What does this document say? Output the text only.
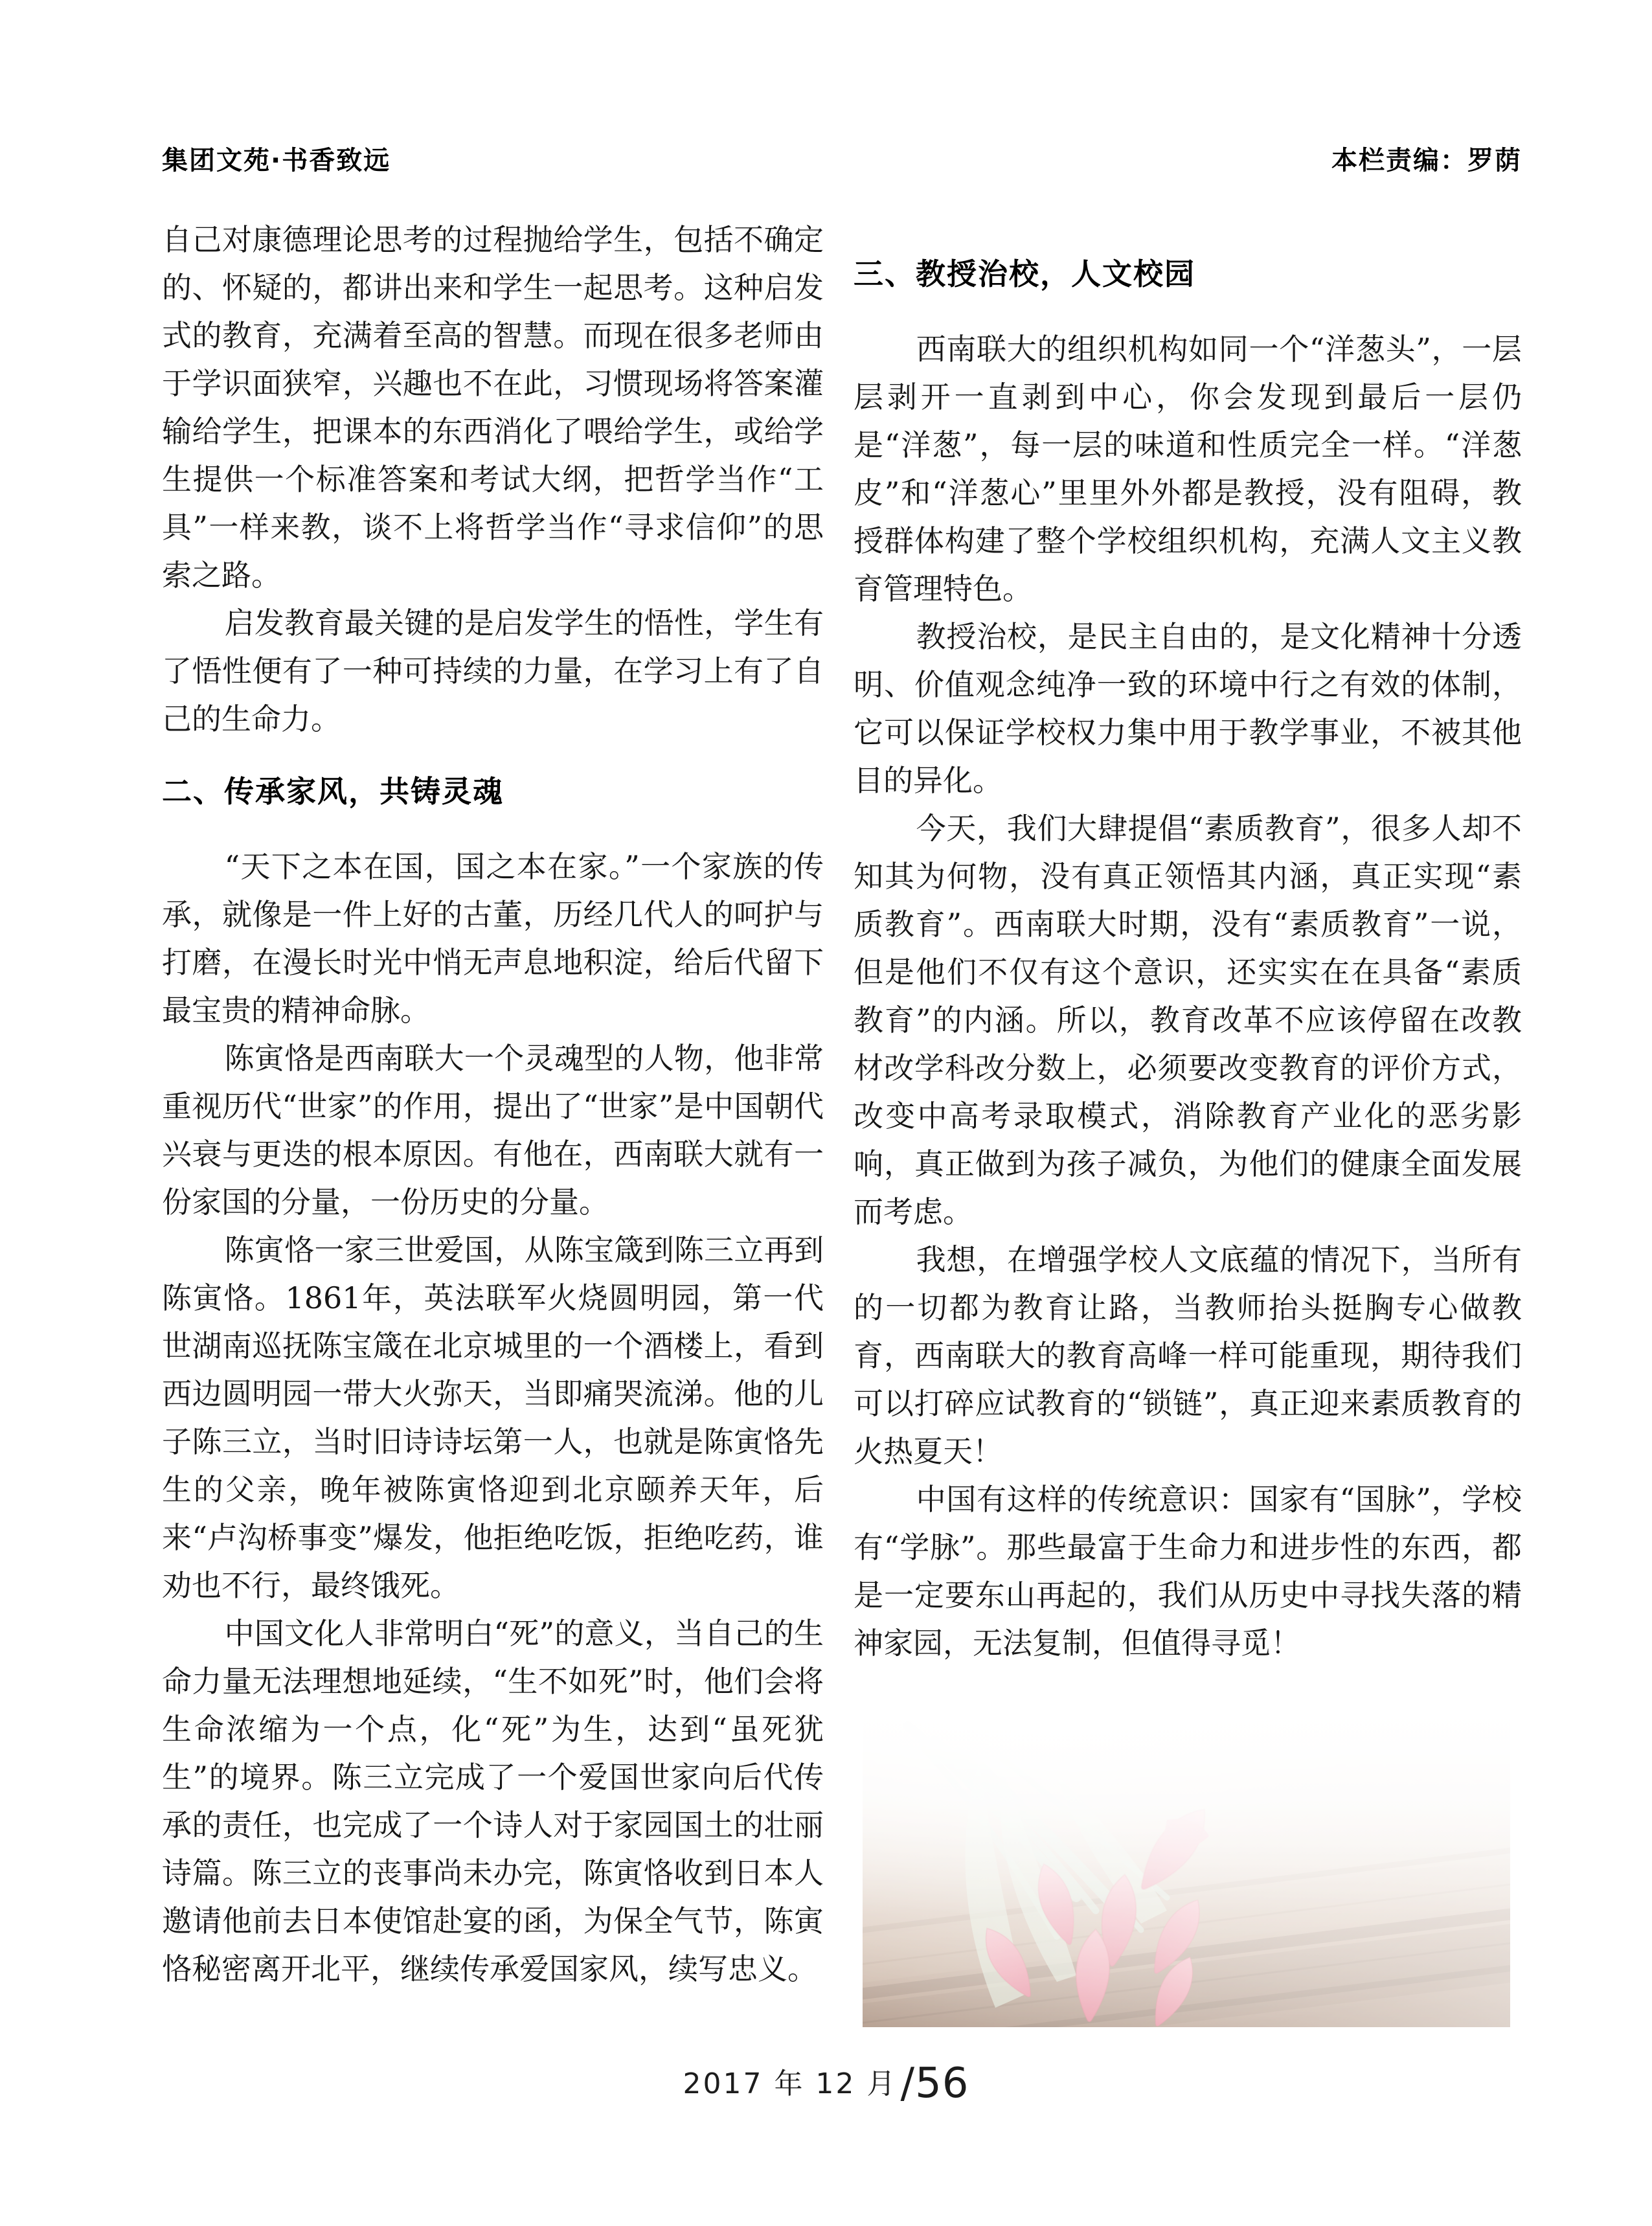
集团文苑·书香致远	本栏责编：罗荫

自己对康德理论思考的过程抛给学生，包括不确定的、怀疑的，都讲出来和学生一起思考。这种启发式的教育，充满着至高的智慧。而现在很多老师由于学识面狭窄，兴趣也不在此，习惯现场将答案灌输给学生，把课本的东西消化了喂给学生，或给学生提供一个标准答案和考试大纲，把哲学当作“工具”一样来教，谈不上将哲学当作“寻求信仰”的思索之路。

启发教育最关键的是启发学生的悟性，学生有了悟性便有了一种可持续的力量，在学习上有了自己的生命力。

二、传承家风，共铸灵魂

“天下之本在国，国之本在家。”一个家族的传承，就像是一件上好的古董，历经几代人的呵护与打磨，在漫长时光中悄无声息地积淀，给后代留下最宝贵的精神命脉。

陈寅恪是西南联大一个灵魂型的人物，他非常重视历代“世家”的作用，提出了“世家”是中国朝代兴衰与更迭的根本原因。有他在，西南联大就有一份家国的分量，一份历史的分量。

陈寅恪一家三世爱国，从陈宝箴到陈三立再到陈寅恪。1861年，英法联军火烧圆明园，第一代世湖南巡抚陈宝箴在北京城里的一个酒楼上，看到西边圆明园一带大火弥天，当即痛哭流涕。他的儿子陈三立，当时旧诗诗坛第一人，也就是陈寅恪先生的父亲，晚年被陈寅恪迎到北京颐养天年，后来“卢沟桥事变”爆发，他拒绝吃饭，拒绝吃药，谁劝也不行，最终饿死。

中国文化人非常明白“死”的意义，当自己的生命力量无法理想地延续，“生不如死”时，他们会将生命浓缩为一个点，化“死”为生，达到“虽死犹生”的境界。陈三立完成了一个爱国世家向后代传承的责任，也完成了一个诗人对于家园国土的壮丽诗篇。陈三立的丧事尚未办完，陈寅恪收到日本人邀请他前去日本使馆赴宴的函，为保全气节，陈寅恪秘密离开北平，继续传承爱国家风，续写忠义。

三、教授治校，人文校园

西南联大的组织机构如同一个“洋葱头”，一层层剥开一直剥到中心，你会发现到最后一层仍是“洋葱”，每一层的味道和性质完全一样。“洋葱皮”和“洋葱心”里里外外都是教授，没有阻碍，教授群体构建了整个学校组织机构，充满人文主义教育管理特色。

教授治校，是民主自由的，是文化精神十分透明、价值观念纯净一致的环境中行之有效的体制，它可以保证学校权力集中用于教学事业，不被其他目的异化。

今天，我们大肆提倡“素质教育”，很多人却不知其为何物，没有真正领悟其内涵，真正实现“素质教育”。西南联大时期，没有“素质教育”一说，但是他们不仅有这个意识，还实实在在具备“素质教育”的内涵。所以，教育改革不应该停留在改教材改学科改分数上，必须要改变教育的评价方式，改变中高考录取模式，消除教育产业化的恶劣影响，真正做到为孩子减负，为他们的健康全面发展而考虑。

我想，在增强学校人文底蕴的情况下，当所有的一切都为教育让路，当教师抬头挺胸专心做教育，西南联大的教育高峰一样可能重现，期待我们可以打碎应试教育的“锁链”，真正迎来素质教育的火热夏天！

中国有这样的传统意识：国家有“国脉”，学校有“学脉”。那些最富于生命力和进步性的东西，都是一定要东山再起的，我们从历史中寻找失落的精神家园，无法复制，但值得寻觅！

2017 年 12 月 /56
